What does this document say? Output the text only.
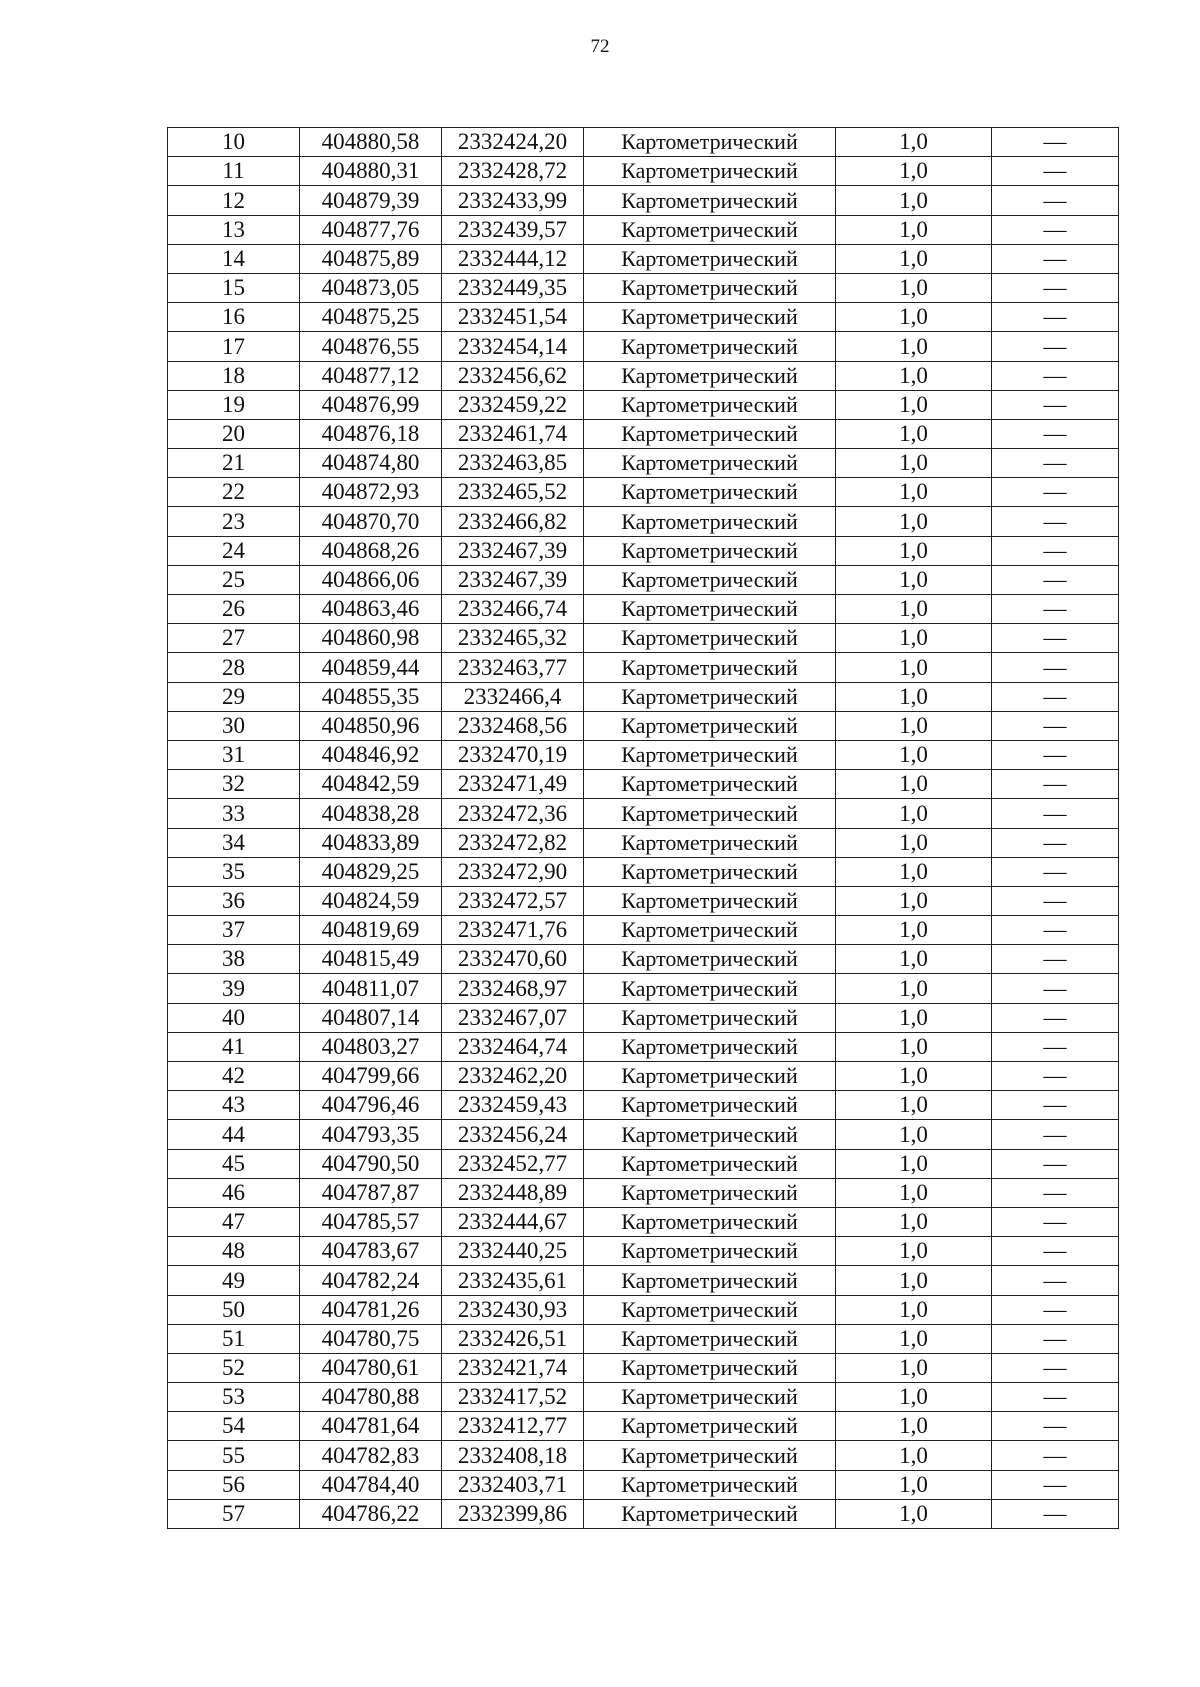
72
10	404880,58	2332424,20	Картометрический	1,0	—
11	404880,31	2332428,72	Картометрический	1,0	—
12	404879,39	2332433,99	Картометрический	1,0	—
13	404877,76	2332439,57	Картометрический	1,0	—
14	404875,89	2332444,12	Картометрический	1,0	—
15	404873,05	2332449,35	Картометрический	1,0	—
16	404875,25	2332451,54	Картометрический	1,0	—
17	404876,55	2332454,14	Картометрический	1,0	—
18	404877,12	2332456,62	Картометрический	1,0	—
19	404876,99	2332459,22	Картометрический	1,0	—
20	404876,18	2332461,74	Картометрический	1,0	—
21	404874,80	2332463,85	Картометрический	1,0	—
22	404872,93	2332465,52	Картометрический	1,0	—
23	404870,70	2332466,82	Картометрический	1,0	—
24	404868,26	2332467,39	Картометрический	1,0	—
25	404866,06	2332467,39	Картометрический	1,0	—
26	404863,46	2332466,74	Картометрический	1,0	—
27	404860,98	2332465,32	Картометрический	1,0	—
28	404859,44	2332463,77	Картометрический	1,0	—
29	404855,35	2332466,4	Картометрический	1,0	—
30	404850,96	2332468,56	Картометрический	1,0	—
31	404846,92	2332470,19	Картометрический	1,0	—
32	404842,59	2332471,49	Картометрический	1,0	—
33	404838,28	2332472,36	Картометрический	1,0	—
34	404833,89	2332472,82	Картометрический	1,0	—
35	404829,25	2332472,90	Картометрический	1,0	—
36	404824,59	2332472,57	Картометрический	1,0	—
37	404819,69	2332471,76	Картометрический	1,0	—
38	404815,49	2332470,60	Картометрический	1,0	—
39	404811,07	2332468,97	Картометрический	1,0	—
40	404807,14	2332467,07	Картометрический	1,0	—
41	404803,27	2332464,74	Картометрический	1,0	—
42	404799,66	2332462,20	Картометрический	1,0	—
43	404796,46	2332459,43	Картометрический	1,0	—
44	404793,35	2332456,24	Картометрический	1,0	—
45	404790,50	2332452,77	Картометрический	1,0	—
46	404787,87	2332448,89	Картометрический	1,0	—
47	404785,57	2332444,67	Картометрический	1,0	—
48	404783,67	2332440,25	Картометрический	1,0	—
49	404782,24	2332435,61	Картометрический	1,0	—
50	404781,26	2332430,93	Картометрический	1,0	—
51	404780,75	2332426,51	Картометрический	1,0	—
52	404780,61	2332421,74	Картометрический	1,0	—
53	404780,88	2332417,52	Картометрический	1,0	—
54	404781,64	2332412,77	Картометрический	1,0	—
55	404782,83	2332408,18	Картометрический	1,0	—
56	404784,40	2332403,71	Картометрический	1,0	—
57	404786,22	2332399,86	Картометрический	1,0	—
